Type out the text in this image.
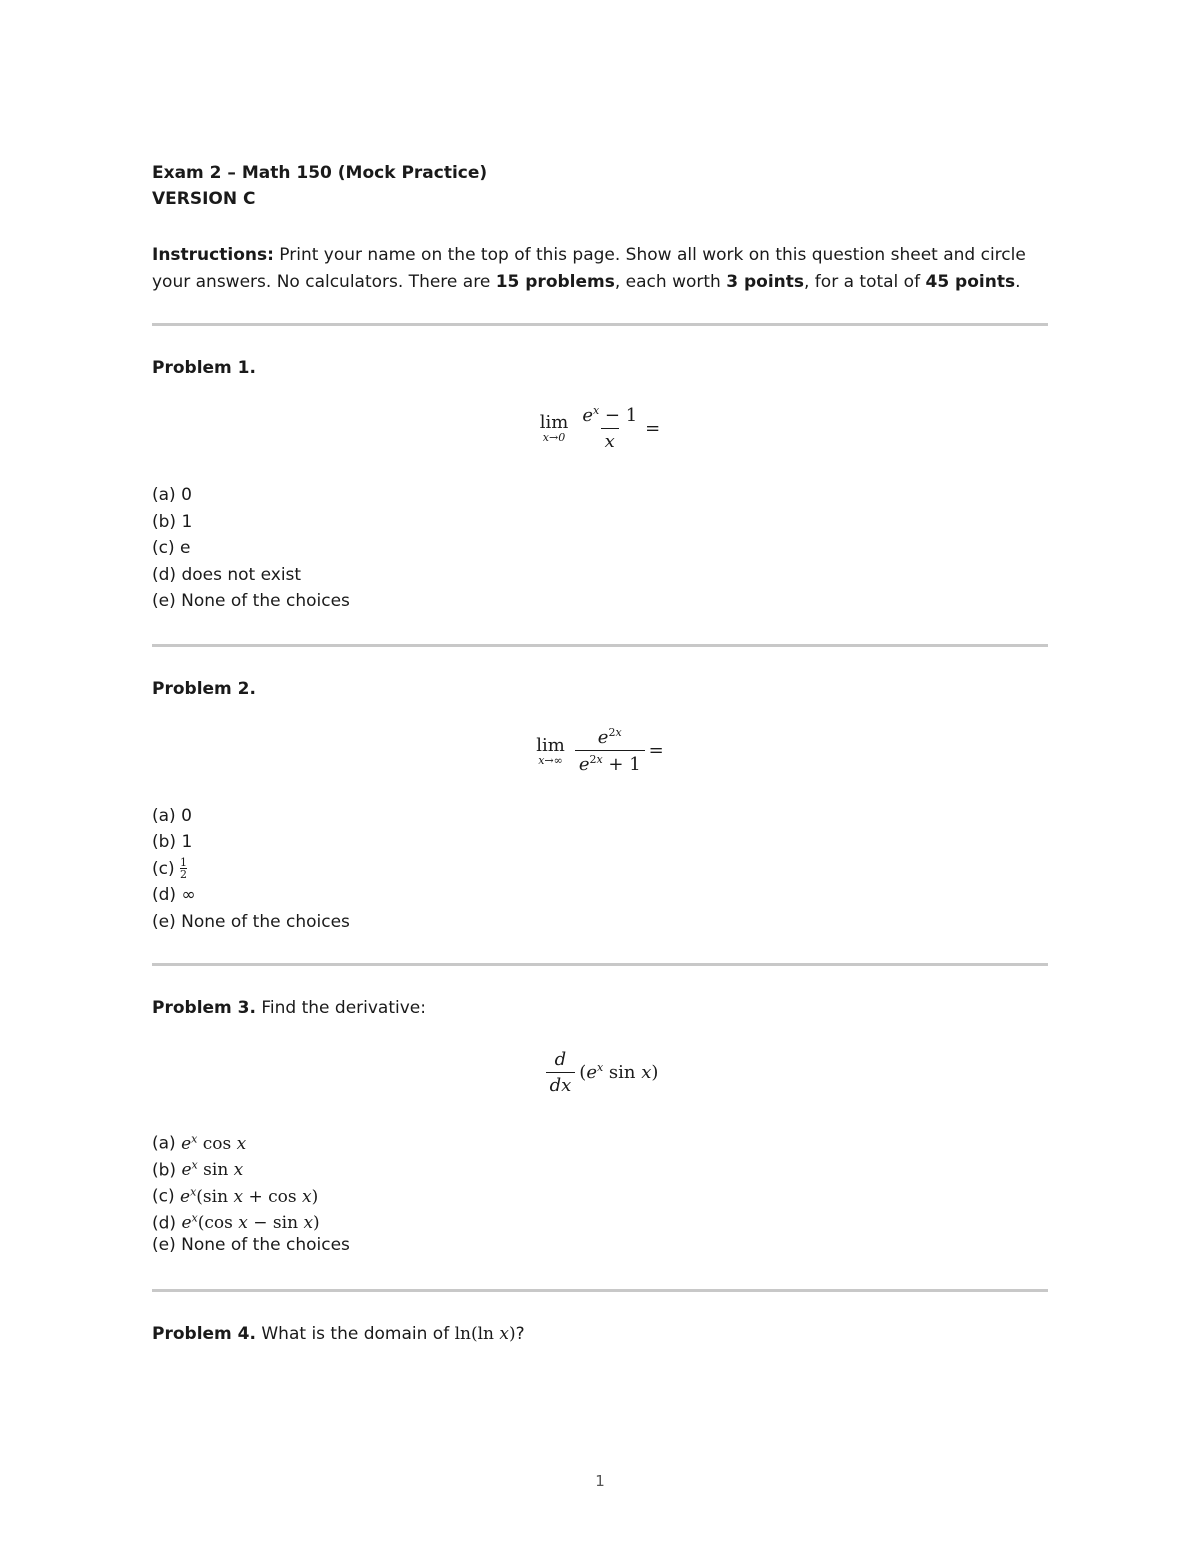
Exam 2 – Math 150 (Mock Practice)
VERSION C
Instructions: Print your name on the top of this page. Show all work on this question sheet and circle your answers. No calculators. There are 15 problems, each worth 3 points, for a total of 45 points.
Problem 1.
lim
$x\to 0 \frac{e^x - 1}{x}$ =
(a) 0
(b) 1
(c) e
(d) does not exist
(e) None of the choices
Problem 2.
lim
$x\to\infty \frac{e^{2x}}{e^{2x} + 1}$ =
(a) 0
(b) 1
$(c) \frac{1}{2}$
(d) ∞
(e) None of the choices
Problem 3. Find the derivative:
$\frac{d}{dx} (e^x$ sin x)
(a) $e^x$ cos x
(b) $e^x$ sin x
(c) $e^x(\sin$ x + cos x)
(d) $e^x(\cos$ x − sin x)
(e) None of the choices
Problem 4. What is the domain of ln(ln x)?
1
